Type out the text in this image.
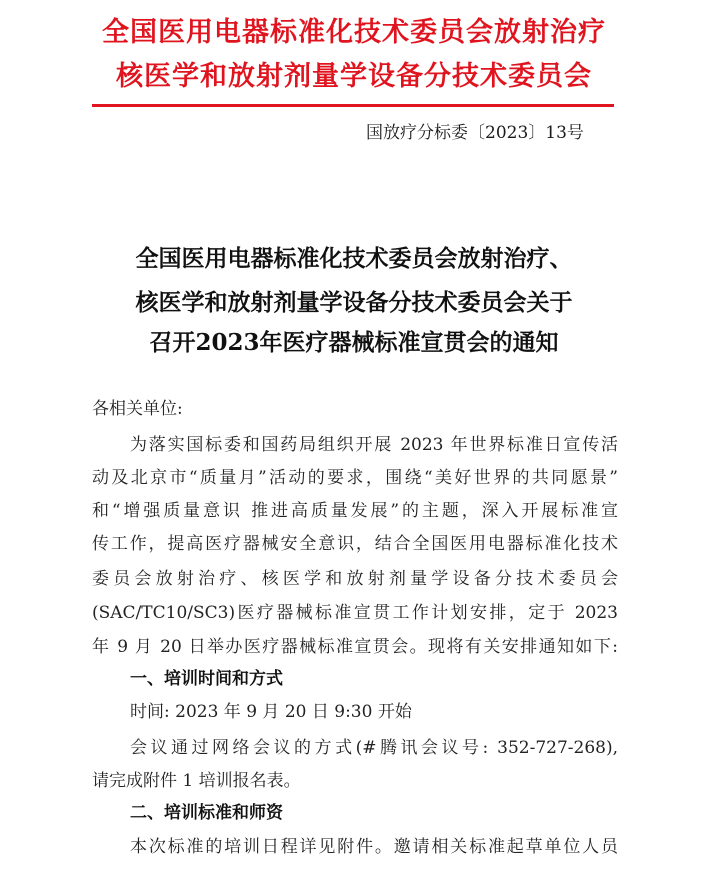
全国医用电器标准化技术委员会放射治疗
核医学和放射剂量学设备分技术委员会
国放疗分标委〔2023〕13号
全国医用电器标准化技术委员会放射治疗、
核医学和放射剂量学设备分技术委员会关于
召开2023年医疗器械标准宣贯会的通知
各相关单位:
为落实国标委和国药局组织开展 2023 年世界标准日宣传活
动及北京市“质量月”活动的要求，围绕“美好世界的共同愿景”
和“增强质量意识 推进高质量发展”的主题，深入开展标准宣
传工作，提高医疗器械安全意识，结合全国医用电器标准化技术
委员会放射治疗、核医学和放射剂量学设备分技术委员会
(SAC/TC10/SC3)医疗器械标准宣贯工作计划安排，定于 2023
年 9 月 20 日举办医疗器械标准宣贯会。现将有关安排通知如下:
一、培训时间和方式
时间: 2023 年 9 月 20 日 9:30 开始
会议通过网络会议的方式(#腾讯会议号: 352-727-268),
请完成附件 1 培训报名表。
二、培训标准和师资
本次标准的培训日程详见附件。邀请相关标准起草单位人员
